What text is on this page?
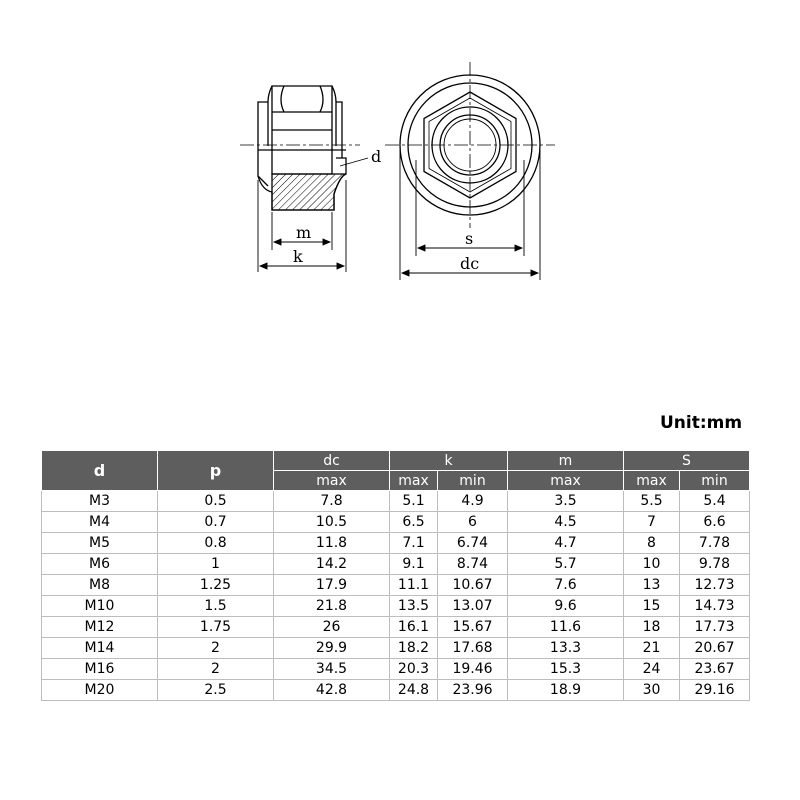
d
m
k
s
dc
Unit:mm
d	p	dc	k		m	S	
		max	max	min	max	max	min
M3	0.5	7.8	5.1	4.9	3.5	5.5	5.4
M4	0.7	10.5	6.5	6	4.5	7	6.6
M5	0.8	11.8	7.1	6.74	4.7	8	7.78
M6	1	14.2	9.1	8.74	5.7	10	9.78
M8	1.25	17.9	11.1	10.67	7.6	13	12.73
M10	1.5	21.8	13.5	13.07	9.6	15	14.73
M12	1.75	26	16.1	15.67	11.6	18	17.73
M14	2	29.9	18.2	17.68	13.3	21	20.67
M16	2	34.5	20.3	19.46	15.3	24	23.67
M20	2.5	42.8	24.8	23.96	18.9	30	29.16
